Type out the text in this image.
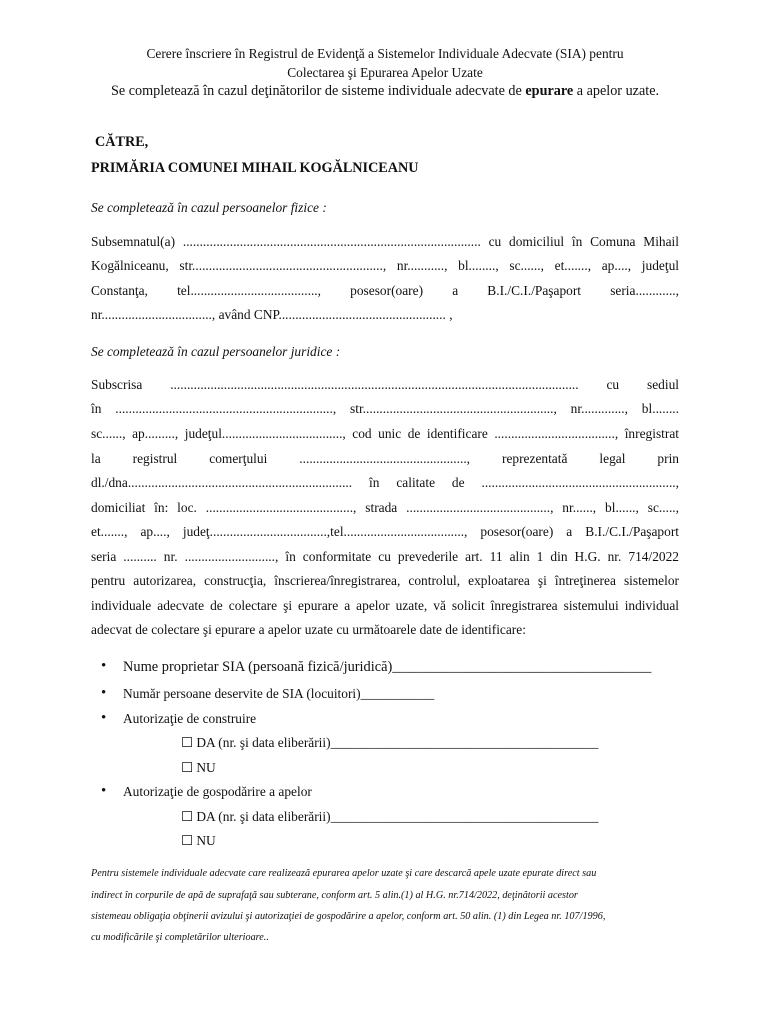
Cerere înscriere în Registrul de Evidenţă a Sistemelor Individuale Adecvate (SIA) pentru
Colectarea şi Epurarea Apelor Uzate
Se completează în cazul deţinătorilor de sisteme individuale adecvate de epurare a apelor uzate.
CĂTRE,
PRIMĂRIA COMUNEI MIHAIL KOGĂLNICEANU
Se completează în cazul persoanelor fizice :
Subsemnatul(a) ......................................................................................... cu domiciliul în Comuna Mihail
Kogălniceanu, str........................................................., nr..........., bl........, sc......, et......., ap...., judeţul
Constanţa, tel......................................, posesor(oare) a B.I./C.I./Paşaport seria............,
nr................................., având CNP.................................................. ,
Se completează în cazul persoanelor juridice :
Subscrisa .......................................................................................................................... cu sediul
în ................................................................., str........................................................., nr............., bl........
sc......, ap........., judeţul...................................., cod unic de identificare ...................................., înregistrat
la registrul comerţului .................................................., reprezentată legal prin
dl./dna................................................................... în calitate de ..........................................................,
domiciliat în: loc. ............................................, strada ..........................................., nr......, bl......, sc.....,
et......., ap...., judeţ...................................,tel...................................., posesor(oare) a B.I./C.I./Paşaport
seria .......... nr. ..........................., în conformitate cu prevederile art. 11 alin 1 din H.G. nr. 714/2022
pentru autorizarea, construcţia, înscrierea/înregistrarea, controlul, exploatarea şi întreţinerea sistemelor
individuale adecvate de colectare şi epurare a apelor uzate, vă solicit înregistrarea sistemului individual
adecvat de colectare şi epurare a apelor uzate cu următoarele date de identificare:
• Nume proprietar SIA (persoană fizică/juridică)____________________________________
• Număr persoane deservite de SIA (locuitori)___________
• Autorizaţie de construire
☐ DA (nr. şi data eliberării)________________________________________
☐ NU
• Autorizaţie de gospodărire a apelor
☐ DA (nr. şi data eliberării)________________________________________
☐ NU
Pentru sistemele individuale adecvate care realizează epurarea apelor uzate şi care descarcă apele uzate epurate direct sau
indirect în corpurile de apă de suprafaţă sau subterane, conform art. 5 alin.(1) al H.G. nr.714/2022, deţinătorii acestor
sistemeau obligaţia obţinerii avizului şi autorizaţiei de gospodărire a apelor, conform art. 50 alin. (1) din Legea nr. 107/1996,
cu modificările şi completărilor ulterioare..
